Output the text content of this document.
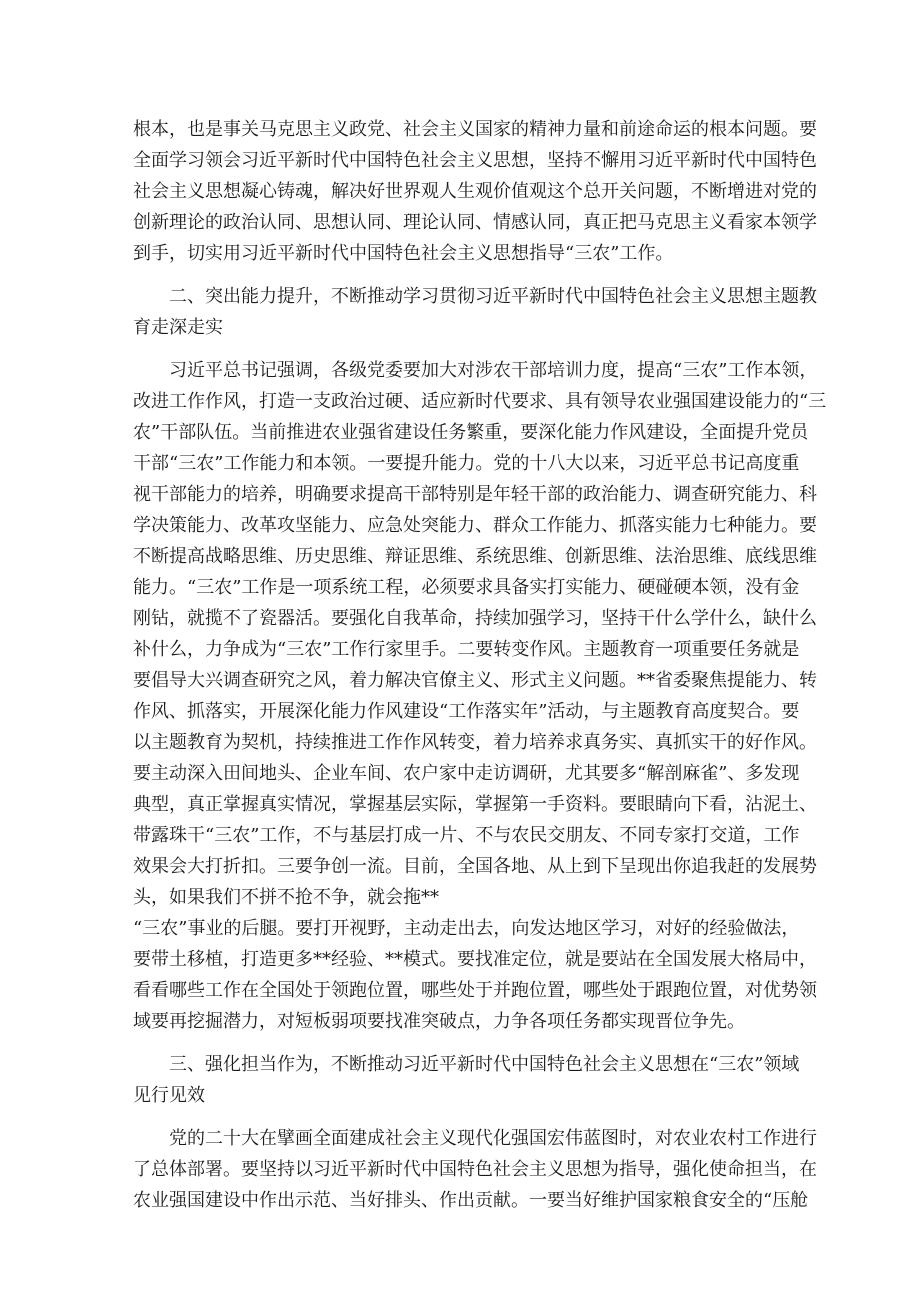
根本，也是事关马克思主义政党、社会主义国家的精神力量和前途命运的根本问题。要
全面学习领会习近平新时代中国特色社会主义思想，坚持不懈用习近平新时代中国特色
社会主义思想凝心铸魂，解决好世界观人生观价值观这个总开关问题，不断增进对党的
创新理论的政治认同、思想认同、理论认同、情感认同，真正把马克思主义看家本领学
到手，切实用习近平新时代中国特色社会主义思想指导“三农”工作。
二、突出能力提升，不断推动学习贯彻习近平新时代中国特色社会主义思想主题教
育走深走实
习近平总书记强调，各级党委要加大对涉农干部培训力度，提高“三农”工作本领，
改进工作作风，打造一支政治过硬、适应新时代要求、具有领导农业强国建设能力的“三
农”干部队伍。当前推进农业强省建设任务繁重，要深化能力作风建设，全面提升党员
干部“三农”工作能力和本领。一要提升能力。党的十八大以来，习近平总书记高度重
视干部能力的培养，明确要求提高干部特别是年轻干部的政治能力、调查研究能力、科
学决策能力、改革攻坚能力、应急处突能力、群众工作能力、抓落实能力七种能力。要
不断提高战略思维、历史思维、辩证思维、系统思维、创新思维、法治思维、底线思维
能力。“三农”工作是一项系统工程，必须要求具备实打实能力、硬碰硬本领，没有金
刚钻，就揽不了瓷器活。要强化自我革命，持续加强学习，坚持干什么学什么，缺什么
补什么，力争成为“三农”工作行家里手。二要转变作风。主题教育一项重要任务就是
要倡导大兴调查研究之风，着力解决官僚主义、形式主义问题。**省委聚焦提能力、转
作风、抓落实，开展深化能力作风建设“工作落实年”活动，与主题教育高度契合。要
以主题教育为契机，持续推进工作作风转变，着力培养求真务实、真抓实干的好作风。
要主动深入田间地头、企业车间、农户家中走访调研，尤其要多“解剖麻雀”、多发现
典型，真正掌握真实情况，掌握基层实际，掌握第一手资料。要眼睛向下看，沾泥土、
带露珠干“三农”工作，不与基层打成一片、不与农民交朋友、不同专家打交道，工作
效果会大打折扣。三要争创一流。目前，全国各地、从上到下呈现出你追我赶的发展势
头，如果我们不拼不抢不争，就会拖**
“三农”事业的后腿。要打开视野，主动走出去，向发达地区学习，对好的经验做法，
要带土移植，打造更多**经验、**模式。要找准定位，就是要站在全国发展大格局中，
看看哪些工作在全国处于领跑位置，哪些处于并跑位置，哪些处于跟跑位置，对优势领
域要再挖掘潜力，对短板弱项要找准突破点，力争各项任务都实现晋位争先。
三、强化担当作为，不断推动习近平新时代中国特色社会主义思想在“三农”领域
见行见效
党的二十大在擘画全面建成社会主义现代化强国宏伟蓝图时，对农业农村工作进行
了总体部署。要坚持以习近平新时代中国特色社会主义思想为指导，强化使命担当，在
农业强国建设中作出示范、当好排头、作出贡献。一要当好维护国家粮食安全的“压舱
